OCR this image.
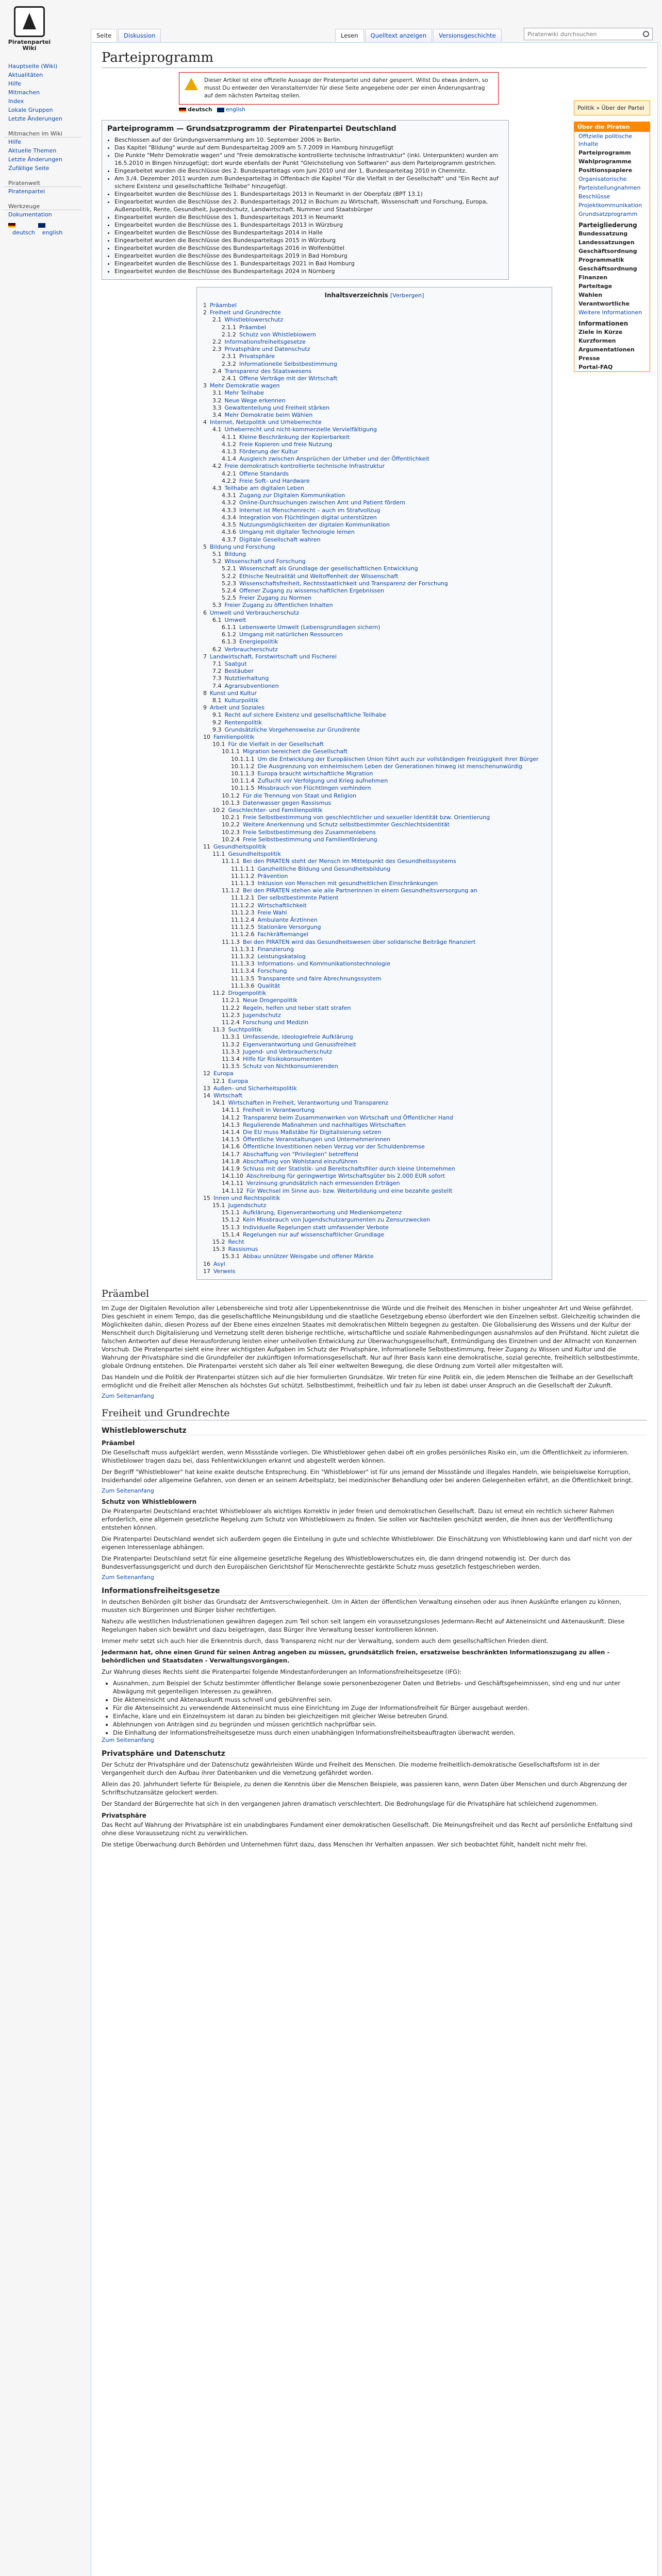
Piratenpartei
Wiki
Seite	Diskussion	Lesen	Quelltext anzeigen	Versionsgeschichte
Piratenwiki durchsuchen
Hauptseite (Wiki)
Aktualitäten
Hilfe
Mitmachen
Index
Lokale Gruppen
Letzte Änderungen
Mitmachen im Wiki
Hilfe
Aktuelle Themen
Letzte Änderungen
Zufällige Seite
Piratenwelt
Piratenpartei
Werkzeuge
Dokumentation
deutsch	english
Parteiprogramm
Dieser Artikel ist eine offizielle Aussage der Piratenpartei und daher gesperrt. Willst Du etwas ändern, so musst Du entweder den Veranstaltern/der für diese Seite angegebene oder per einen Änderungsantrag auf dem nächsten Parteitag stellen.
deutsch	english	Politik » Über der Partei
Über die Piraten
Offizielle politische Inhalte
Parteiprogramm
Wahlprogramme
Positionspapiere
Organisatorische
Parteistellungnahmen
Beschlüsse
Projektkommunikation
Grundsatzprogramm
Parteigliederung
Bundessatzung
Landessatzungen
Geschäftsordnung
Programmatik
Geschäftsordnung
Finanzen
Parteitage
Wahlen
Verantwortliche
Weitere Informationen
Informationen
Ziele in Kürze
Kurzformen
Argumentationen
Presse
Portal-FAQ
Parteiprogramm — Grundsatzprogramm der Piratenpartei Deutschland
• Beschlossen auf der Gründungsversammlung am 10. September 2006 in Berlin.
• Das Kapitel "Bildung" wurde auf dem Bundesparteitag 2009 am 5.7.2009 in Hamburg hinzugefügt
• Die Punkte "Mehr Demokratie wagen" und "Freie demokratische kontrollierte technische Infrastruktur" (inkl. Unterpunkten) wurden am 16.5.2010 in Bingen hinzugefügt; dort wurde ebenfalls der Punkt "Gleichstellung von Softwaren" aus dem Parteiprogramm gestrichen.
• Eingearbeitet wurden die Beschlüsse des 2. Bundesparteitags vom Juni 2010 und der 1. Bundesparteitag 2010 in Chemnitz.
• Am 3./4. Dezember 2011 wurden zum Bundesparteitag in Offenbach die Kapitel "Für die Vielfalt in der Gesellschaft" und "Ein Recht auf sichere Existenz und gesellschaftliche Teilhabe" hinzugefügt.
• Eingearbeitet wurden die Beschlüsse des 1. Bundesparteitags 2013 in Neumarkt in der Oberpfalz (BPT 13.1)
• Eingearbeitet wurden die Beschlüsse des 2. Bundesparteitags 2012 in Bochum zu Wirtschaft, Wissenschaft und Forschung, Europa, Außenpolitik, Rente, Gesundheit, Jugendschutz, Landwirtschaft, Nummer und Staatsbürger
• Eingearbeitet wurden die Beschlüsse des 1. Bundesparteitags 2013 in Neumarkt
• Eingearbeitet wurden die Beschlüsse des 1. Bundesparteitags 2013 in Würzburg
• Eingearbeitet wurden die Beschlüsse des Bundesparteitags 2014 in Halle
• Eingearbeitet wurden die Beschlüsse des Bundesparteitags 2015 in Würzburg
• Eingearbeitet wurden die Beschlüsse des Bundesparteitags 2016 in Wolfenbüttel
• Eingearbeitet wurden die Beschlüsse des Bundesparteitags 2019 in Bad Homburg
• Eingearbeitet wurden die Beschlüsse des 1. Bundesparteitags 2021 in Bad Homburg
• Eingearbeitet wurden die Beschlüsse des Bundesparteitags 2024 in Nürnberg
Inhaltsverzeichnis [Verbergen]
1 Präambel
2 Freiheit und Grundrechte
2.1 Whistleblowerschutz
2.1.1 Präambel
2.1.2 Schutz von Whistleblowern
2.2 Informationsfreiheitsgesetze
2.3 Privatsphäre und Datenschutz
2.3.1 Privatsphäre
2.3.2 Informationelle Selbstbestimmung
2.4 Transparenz des Staatswesens
2.4.1 Offene Verträge mit der Wirtschaft
3 Mehr Demokratie wagen
3.1 Mehr Teilhabe
3.2 Neue Wege erkennen
3.3 Gewaltenteilung und Freiheit stärken
3.4 Mehr Demokratie beim Wählen
4 Internet, Netzpolitik und Urheberrechte
4.1 Urheberrecht und nicht-kommerzielle Vervielfältigung
4.1.1 Kleine Beschränkung der Kopierbarkeit
4.1.2 Freie Kopieren und freie Nutzung
4.1.3 Förderung der Kultur
4.1.4 Ausgleich zwischen Ansprüchen der Urheber und der Öffentlichkeit
4.2 Freie demokratisch kontrollierte technische Infrastruktur
4.2.1 Offene Standards
4.2.2 Freie Soft- und Hardware
4.3 Teilhabe am digitalen Leben
4.3.1 Zugang zur Digitalen Kommunikation
4.3.2 Online-Durchsuchungen zwischen Amt und Patient fördern
4.3.3 Internet ist Menschenrecht – auch im Strafvollzug
4.3.4 Integration von Flüchtlingen digital unterstützen
4.3.5 Nutzungsmöglichkeiten der digitalen Kommunikation
4.3.6 Umgang mit digitaler Technologie lernen
4.3.7 Digitale Gesellschaft wahren
5 Bildung und Forschung
5.1 Bildung
5.2 Wissenschaft und Forschung
5.2.1 Wissenschaft als Grundlage der gesellschaftlichen Entwicklung
5.2.2 Ethische Neutralität und Weltoffenheit der Wissenschaft
5.2.3 Wissenschaftsfreiheit, Rechtsstaatlichkeit und Transparenz der Forschung
5.2.4 Offener Zugang zu wissenschaftlichen Ergebnissen
5.2.5 Freier Zugang zu Normen
5.3 Freier Zugang zu öffentlichen Inhalten
6 Umwelt und Verbraucherschutz
6.1 Umwelt
6.1.1 Lebenswerte Umwelt (Lebensgrundlagen sichern)
6.1.2 Umgang mit natürlichen Ressourcen
6.1.3 Energiepolitik
6.2 Verbraucherschutz
7 Landwirtschaft, Forstwirtschaft und Fischerei
7.1 Saatgut
7.2 Bestäuber
7.3 Nutztierhaltung
7.4 Agrarsubventionen
8 Kunst und Kultur
8.1 Kulturpolitik
9 Arbeit und Soziales
9.1 Recht auf sichere Existenz und gesellschaftliche Teilhabe
9.2 Rentenpolitik
9.3 Grundsätzliche Vorgehensweise zur Grundrente
10 Familienpolitik
10.1 Für die Vielfalt in der Gesellschaft
10.1.1 Migration bereichert die Gesellschaft
10.1.1.1 Um die Entwicklung der Europäischen Union führt auch zur vollständigen Freizügigkeit ihrer Bürger
10.1.1.2 Die Ausgrenzung von einheimischem Leben der Generationen hinweg ist menschenunwürdig
10.1.1.3 Europa braucht wirtschaftliche Migration
10.1.1.4 Zuflucht vor Verfolgung und Krieg aufnehmen
10.1.1.5 Missbrauch von Flüchtlingen verhindern
10.1.2 Für die Trennung von Staat und Religion
10.1.3 Datenwasser gegen Rassismus
10.2 Geschlechter- und Familienpolitik
10.2.1 Freie Selbstbestimmung von geschlechtlicher und sexueller Identität bzw. Orientierung
10.2.2 Weitere Anerkennung und Schutz selbstbestimmter Geschlechtsidentität
10.2.3 Freie Selbstbestimmung des Zusammenlebens
10.2.4 Freie Selbstbestimmung und Familienförderung
11 Gesundheitspolitik
11.1 Gesundheitspolitik
11.1.1 Bei den PIRATEN steht der Mensch im Mittelpunkt des Gesundheitssystems
11.1.1.1 Ganzheitliche Bildung und Gesundheitsbildung
11.1.1.2 Prävention
11.1.1.3 Inklusion von Menschen mit gesundheitlichen Einschränkungen
11.1.2 Bei den PIRATEN stehen wie alle Partnerinnen in einem Gesundheitsversorgung an
11.1.2.1 Der selbstbestimmte Patient
11.1.2.2 Wirtschaftlichkeit
11.1.2.3 Freie Wahl
11.1.2.4 Ambulante Ärztinnen
11.1.2.5 Stationäre Versorgung
11.1.2.6 Fachkräftemangel
11.1.3 Bei den PIRATEN wird das Gesundheitswesen über solidarische Beiträge finanziert
11.1.3.1 Finanzierung
11.1.3.2 Leistungskatalog
11.1.3.3 Informations- und Kommunikationstechnologie
11.1.3.4 Forschung
11.1.3.5 Transparente und faire Abrechnungssystem
11.1.3.6 Qualität
11.2 Drogenpolitik
11.2.1 Neue Drogenpolitik
11.2.2 Regeln, helfen und lieber statt strafen
11.2.3 Jugendschutz
11.2.4 Forschung und Medizin
11.3 Suchtpolitik
11.3.1 Umfassende, ideologiefreie Aufklärung
11.3.2 Eigenverantwortung und Genussfreiheit
11.3.3 Jugend- und Verbraucherschutz
11.3.4 Hilfe für Risikokonsumenten
11.3.5 Schutz von Nichtkonsumierenden
12 Europa
12.1 Europa
13 Außen- und Sicherheitspolitik
14 Wirtschaft
14.1 Wirtschaften in Freiheit, Verantwortung und Transparenz
14.1.1 Freiheit in Verantwortung
14.1.2 Transparenz beim Zusammenwirken von Wirtschaft und Öffentlicher Hand
14.1.3 Regulierende Maßnahmen und nachhaltiges Wirtschaften
14.1.4 Die EU muss Maßstäbe für Digitalisierung setzen
14.1.5 Öffentliche Veranstaltungen und Unternehmerinnen
14.1.6 Öffentliche Investitionen neben Verzug vor der Schuldenbremse
14.1.7 Abschaffung von "Privilegien" betreffend
14.1.8 Abschaffung von Wohlstand einzuführen
14.1.9 Schluss mit der Statistik- und Bereitschaftsfiller durch kleine Unternehmen
14.1.10 Abschreibung für geringwertige Wirtschaftsgüter bis 2.000 EUR sofort
14.1.11 Verzinsung grundsätzlich nach ermessenden Erträgen
14.1.12 Für Wechsel im Sinne aus- bzw. Weiterbildung und eine bezahlte gestellt
15 Innen und Rechtspolitik
15.1 Jugendschutz
15.1.1 Aufklärung, Eigenverantwortung und Medienkompetenz
15.1.2 Kein Missbrauch von Jugendschutzargumenten zu Zensurzwecken
15.1.3 Individuelle Regelungen statt umfassender Verbote
15.1.4 Regelungen nur auf wissenschaftlicher Grundlage
15.2 Recht
15.3 Rassismus
15.3.1 Abbau unnützer Weisgabe und offener Märkte
16 Asyl
17 Verweis
Präambel

Im Zuge der Digitalen Revolution aller Lebensbereiche sind trotz aller Lippenbekenntnisse die Würde und die Freiheit des Menschen in bisher ungeahnter Art und Weise gefährdet. Dies geschieht in einem Tempo, das die gesellschaftliche Meinungsbildung und die staatliche Gesetzgebung ebenso überfordert wie den Einzelnen selbst. Gleichzeitig schwinden die Möglichkeiten dahin, diesen Prozess auf der Ebene eines einzelnen Staates mit demokratischen Mitteln begegnen zu gestalten. Die Globalisierung des Wissens und der Kultur der Menschheit durch Digitalisierung und Vernetzung stellt deren bisherige rechtliche, wirtschaftliche und soziale Rahmenbedingungen ausnahmslos auf den Prüfstand. Nicht zuletzt die falschen Antworten auf diese Herausforderung leisten einer unheilvollen Entwicklung zur Überwachungsgesellschaft, Entmündigung des Einzelnen und der Allmacht von Konzernen Vorschub. Die Piratenpartei sieht eine ihrer wichtigsten Aufgaben im Schutz der Privatsphäre, Informationelle Selbstbestimmung, freier Zugang zu Wissen und Kultur und die Wahrung der Privatsphäre sind die Grundpfeiler der zukünftigen Informationsgesellschaft. Nur auf ihrer Basis kann eine demokratische, sozial gerechte, freiheitlich selbstbestimmte, globale Ordnung entstehen. Die Piratenpartei versteht sich daher als Teil einer weltweiten Bewegung, die diese Ordnung zum Vorteil aller mitgestalten will.

Das Handeln und die Politik der Piratenpartei stützen sich auf die hier formulierten Grundsätze. Wir treten für eine Politik ein, die jedem Menschen die Teilhabe an der Gesellschaft ermöglicht und die Freiheit aller Menschen als höchstes Gut schützt. Selbstbestimmt, freiheitlich und fair zu leben ist dabei unser Anspruch an die Gesellschaft der Zukunft.

Zum Seitenanfang
Freiheit und Grundrechte
Whistleblowerschutz
Präambel

Die Gesellschaft muss aufgeklärt werden, wenn Missstände vorliegen. Die Whistleblower gehen dabei oft ein großes persönliches Risiko ein, um die Öffentlichkeit zu informieren. Whistleblower tragen dazu bei, dass Fehlentwicklungen erkannt und abgestellt werden können.

Der Begriff "Whistleblower" hat keine exakte deutsche Entsprechung. Ein "Whistleblower" ist für uns jemand der Missstände und illegales Handeln, wie beispielsweise Korruption, Insiderhandel oder allgemeine Gefahren, von denen er an seinem Arbeitsplatz, bei medizinischer Behandlung oder bei anderen Gelegenheiten erfährt, an die Öffentlichkeit bringt.

Zum Seitenanfang
Schutz von Whistleblowern

Die Piratenpartei Deutschland erachtet Whistleblower als wichtiges Korrektiv in jeder freien und demokratischen Gesellschaft. Dazu ist erneut ein rechtlich sicherer Rahmen erforderlich, eine allgemein gesetzliche Regelung zum Schutz von Whistleblowern zu finden. Sie sollen vor Nachteilen geschützt werden, die ihnen aus der Veröffentlichung entstehen können.

Die Piratenpartei Deutschland wendet sich außerdem gegen die Einteilung in gute und schlechte Whistleblower. Die Einschätzung von Whistleblowing kann und darf nicht von der eigenen Interessenlage abhängen.

Die Piratenpartei Deutschland setzt für eine allgemeine gesetzliche Regelung des Whistleblowerschutzes ein, die dann dringend notwendig ist. Der durch das Bundesverfassungsgericht und durch den Europäischen Gerichtshof für Menschenrechte gestärkte Schutz muss gesetzlich festgeschrieben werden.

Zum Seitenanfang
Informationsfreiheitsgesetze

In deutschen Behörden gilt bisher das Grundsatz der Amtsverschwiegenheit. Um in Akten der öffentlichen Verwaltung einsehen oder aus ihnen Auskünfte erlangen zu können, mussten sich Bürgerinnen und Bürger bisher rechtfertigen.

Nahezu alle westlichen Industrienationen gewähren dagegen zum Teil schon seit langem ein voraussetzungsloses Jedermann-Recht auf Akteneinsicht und Aktenauskunft. Diese Regelungen haben sich bewährt und dazu beigetragen, dass Bürger ihre Verwaltung besser kontrollieren können.

Immer mehr setzt sich auch hier die Erkenntnis durch, dass Transparenz nicht nur der Verwaltung, sondern auch dem gesellschaftlichen Frieden dient.

Jedermann hat, ohne einen Grund für seinen Antrag angeben zu müssen, grundsätzlich freien, ersatzweise beschränkten Informationszugang zu allen - behördlichen und Staatsdaten - Verwaltungsvorgängen.

Zur Wahrung dieses Rechts sieht die Piratenpartei folgende Mindestanforderungen an Informationsfreiheitsgesetze (IFG):

• Ausnahmen, zum Beispiel der Schutz bestimmter öffentlicher Belange sowie personenbezogener Daten und Betriebs- und Geschäftsgeheimnissen, sind eng und nur unter Abwägung mit gegenteiligen Interessen zu gewähren.
• Die Akteneinsicht und Aktenauskunft muss schnell und gebührenfrei sein.
• Für die Aktenseinsicht zu verwendende Akteneinsicht muss eine Einrichtung im Zuge der Informationsfreiheit für Bürger ausgebaut werden.
• Einfache, klare und ein Einzelnsystem ist daran zu binden bei gleichzeitigen mit gleicher Weise betreuten Grund.
• Ablehnungen von Anträgen sind zu begründen und müssen gerichtlich nachprüfbar sein.
• Die Einhaltung der Informationsfreiheitsgesetze muss durch einen unabhängigen Informationsfreiheitsbeauftragten überwacht werden.
Zum Seitenanfang
Privatsphäre und Datenschutz

Der Schutz der Privatsphäre und der Datenschutz gewährleisten Würde und Freiheit des Menschen. Die moderne freiheitlich-demokratische Gesellschaftsform ist in der Vergangenheit durch den Aufbau ihrer Datenbanken und die Vernetzung gefährdet worden.

Allein das 20. Jahrhundert lieferte für Beispiele, zu denen die Kenntnis über die Menschen Beispiele, was passieren kann, wenn Daten über Menschen und durch Abgrenzung der Schriftschutzansätze gelockert werden.

Der Standard der Bürgerrechte hat sich in den vergangenen Jahren dramatisch verschlechtert. Die Bedrohungslage für die Privatsphäre hat schleichend zugenommen.

Privatsphäre

Das Recht auf Wahrung der Privatsphäre ist ein unabdingbares Fundament einer demokratischen Gesellschaft. Die Meinungsfreiheit und das Recht auf persönliche Entfaltung sind ohne diese Voraussetzung nicht zu verwirklichen.

Die stetige Überwachung durch Behörden und Unternehmen führt dazu, dass Menschen ihr Verhalten anpassen. Wer sich beobachtet fühlt, handelt nicht mehr frei.
